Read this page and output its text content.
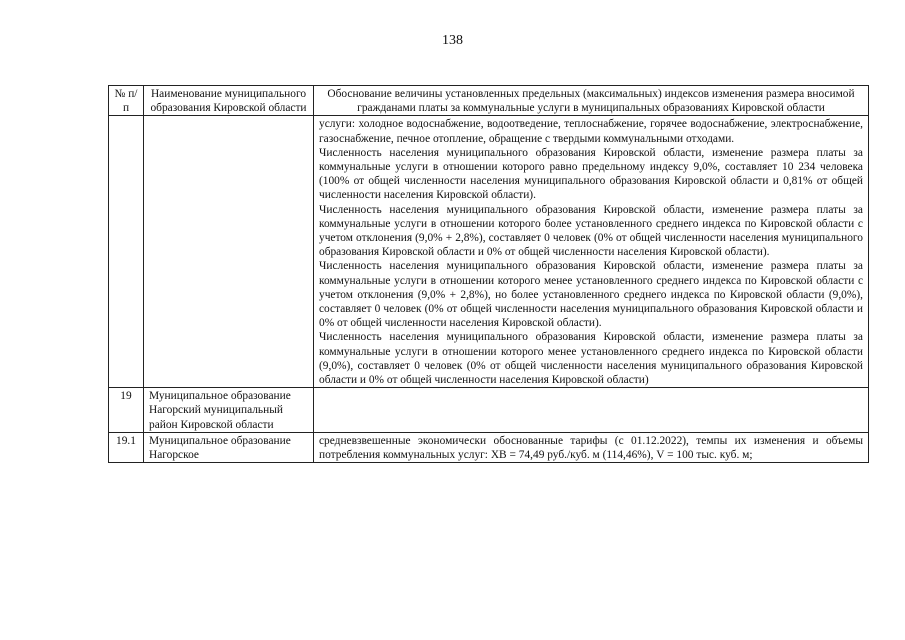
138
№ п/п	Наименование муниципального образования Кировской области	Обоснование величины установленных предельных (максимальных) индексов изменения размера вносимой гражданами платы за коммунальные услуги в муниципальных образованиях Кировской области

		услуги: холодное водоснабжение, водоотведение, теплоснабжение, горячее водоснабжение, электроснабжение, газоснабжение, печное отопление, обращение с твердыми коммунальными отходами.
Численность населения муниципального образования Кировской области, изменение размера платы за коммунальные услуги в отношении которого равно предельному индексу 9,0%, составляет 10 234 человека (100% от общей численности населения муниципального образования Кировской области и 0,81% от общей численности населения Кировской области).
Численность населения муниципального образования Кировской области, изменение размера платы за коммунальные услуги в отношении которого более установленного среднего индекса по Кировской области с учетом отклонения (9,0% + 2,8%), составляет 0 человек (0% от общей численности населения муниципального образования Кировской области и 0% от общей численности населения Кировской области).
Численность населения муниципального образования Кировской области, изменение размера платы за коммунальные услуги в отношении которого менее установленного среднего индекса по Кировской области с учетом отклонения (9,0% + 2,8%), но более установленного среднего индекса по Кировской области (9,0%), составляет 0 человек (0% от общей численности населения муниципального образования Кировской области и 0% от общей численности населения Кировской области).
Численность населения муниципального образования Кировской области, изменение размера платы за коммунальные услуги в отношении которого менее установленного среднего индекса по Кировской области (9,0%), составляет 0 человек (0% от общей численности населения муниципального образования Кировской области и 0% от общей численности населения Кировской области)

19	Муниципальное образование Нагорский муниципальный район Кировской области	
19.1	Муниципальное образование Нагорское	средневзвешенные экономически обоснованные тарифы (с 01.12.2022), темпы их изменения и объемы потребления коммунальных услуг: ХВ = 74,49 руб./куб. м (114,46%), V = 100 тыс. куб. м;
